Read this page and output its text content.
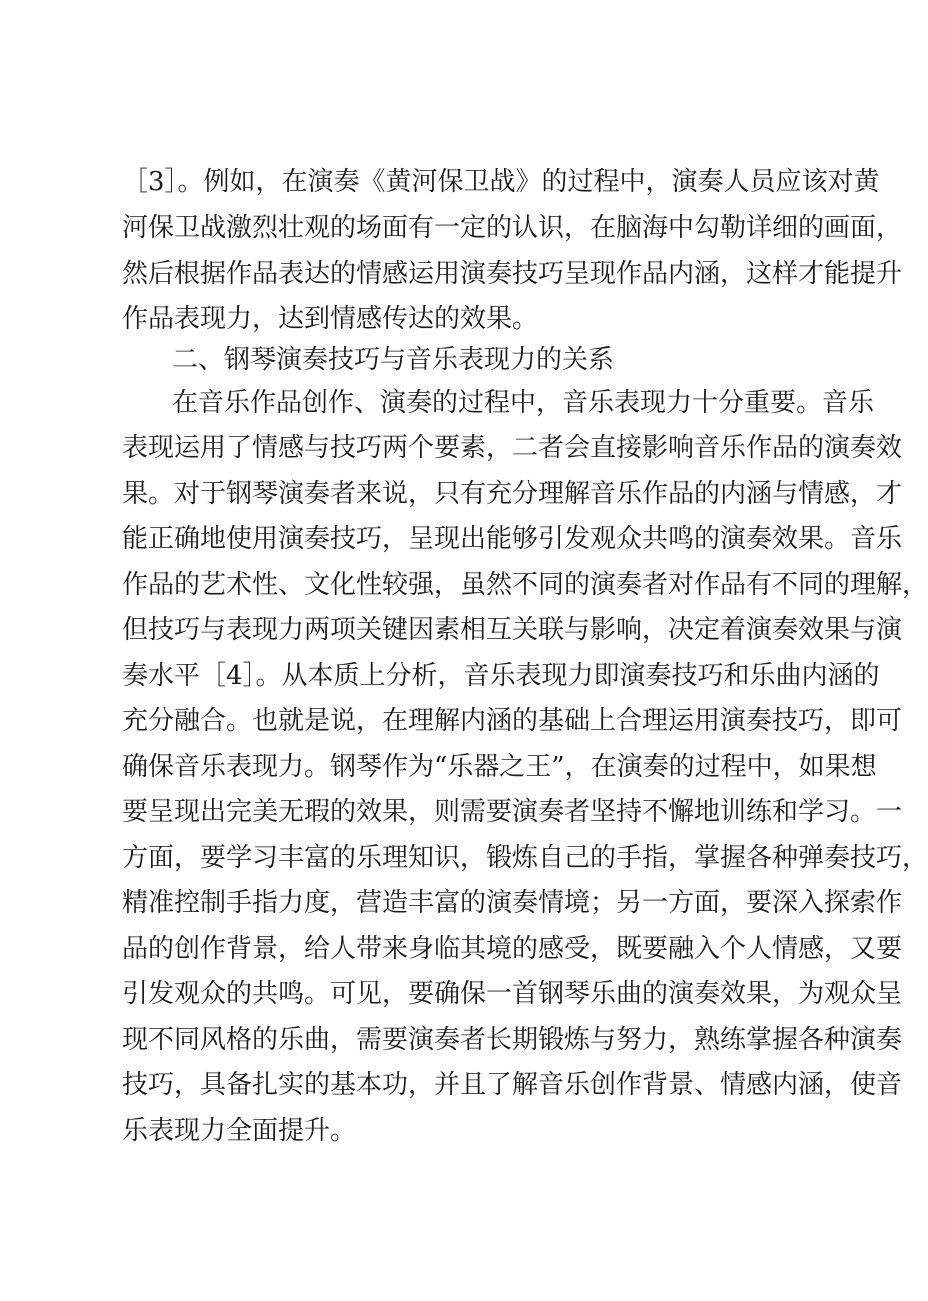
［3］。例如，在演奏《黄河保卫战》的过程中，演奏人员应该对黄
河保卫战激烈壮观的场面有一定的认识，在脑海中勾勒详细的画面，
然后根据作品表达的情感运用演奏技巧呈现作品内涵，这样才能提升
作品表现力，达到情感传达的效果。
二、钢琴演奏技巧与音乐表现力的关系
在音乐作品创作、演奏的过程中，音乐表现力十分重要。音乐
表现运用了情感与技巧两个要素，二者会直接影响音乐作品的演奏效
果。对于钢琴演奏者来说，只有充分理解音乐作品的内涵与情感，才
能正确地使用演奏技巧，呈现出能够引发观众共鸣的演奏效果。音乐
作品的艺术性、文化性较强，虽然不同的演奏者对作品有不同的理解，
但技巧与表现力两项关键因素相互关联与影响，决定着演奏效果与演
奏水平［4］。从本质上分析，音乐表现力即演奏技巧和乐曲内涵的
充分融合。也就是说，在理解内涵的基础上合理运用演奏技巧，即可
确保音乐表现力。钢琴作为“乐器之王”，在演奏的过程中，如果想
要呈现出完美无瑕的效果，则需要演奏者坚持不懈地训练和学习。一
方面，要学习丰富的乐理知识，锻炼自己的手指，掌握各种弹奏技巧，
精准控制手指力度，营造丰富的演奏情境；另一方面，要深入探索作
品的创作背景，给人带来身临其境的感受，既要融入个人情感，又要
引发观众的共鸣。可见，要确保一首钢琴乐曲的演奏效果，为观众呈
现不同风格的乐曲，需要演奏者长期锻炼与努力，熟练掌握各种演奏
技巧，具备扎实的基本功，并且了解音乐创作背景、情感内涵，使音
乐表现力全面提升。
